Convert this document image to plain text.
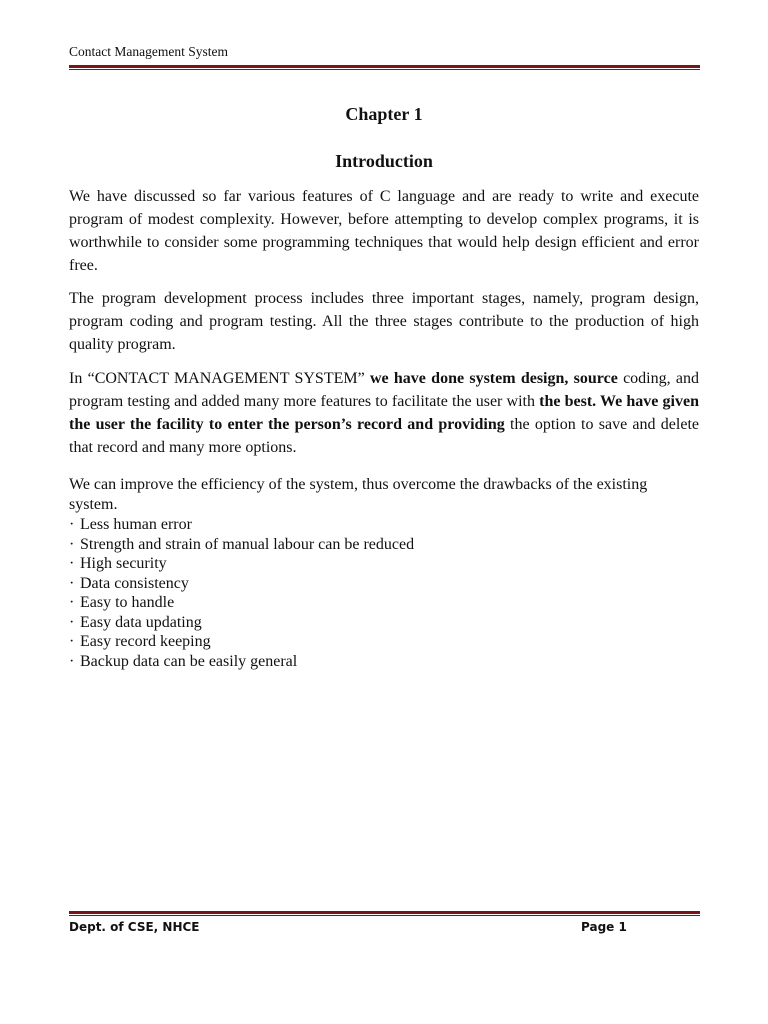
Contact Management System
Chapter 1
Introduction

We have discussed so far various features of C language and are ready to write and execute program of modest complexity. However, before attempting to develop complex programs, it is worthwhile to consider some programming techniques that would help design efficient and error free.

The program development process includes three important stages, namely, program design, program coding and program testing. All the three stages contribute to the production of high quality program.

In “CONTACT MANAGEMENT SYSTEM” we have done system design, source coding, and program testing and added many more features to facilitate the user with the best. We have given the user the facility to enter the person’s record and providing the option to save and delete that record and many more options.

We can improve the efficiency of the system, thus overcome the drawbacks of the existing system.

· Less human error
· Strength and strain of manual labour can be reduced
· High security
· Data consistency
· Easy to handle
· Easy data updating
· Easy record keeping
· Backup data can be easily general
Dept. of CSE, NHCE	Page 1
